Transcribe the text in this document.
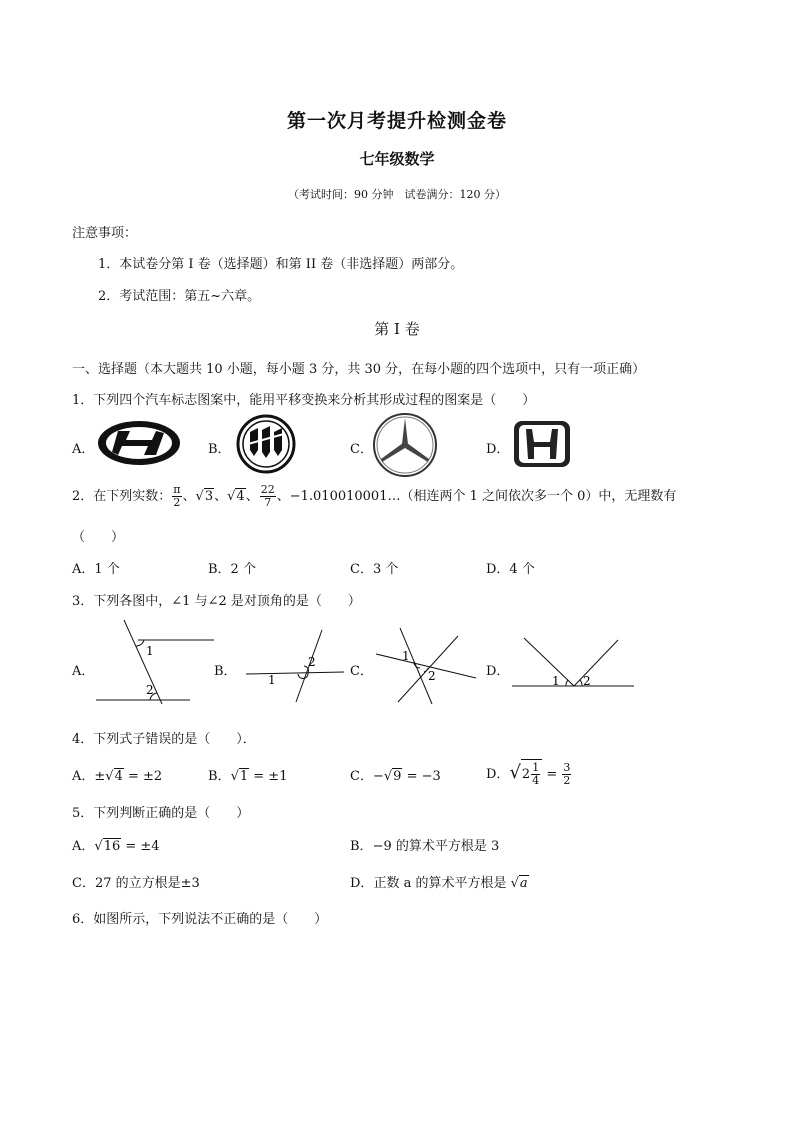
第一次月考提升检测金卷
七年级数学
（考试时间：90 分钟　试卷满分：120 分）
注意事项：
1．本试卷分第 I 卷（选择题）和第 II 卷（非选择题）两部分。
2．考试范围：第五~六章。
第 I 卷
一、选择题（本大题共 10 小题，每小题 3 分，共 30 分，在每小题的四个选项中，只有一项正确）
1．下列四个汽车标志图案中，能用平移变换来分析其形成过程的图案是（　　）
A．	B．	C．	D．
2．在下列实数： $\frac{\pi}{2}$ 、√3、√4、 $\frac{22}{7}$ 、−1.010010001…（相连两个 1 之间依次多一个 0）中，无理数有
（　　）
A．1 个	B．2 个	C．3 个	D．4 个
3．下列各图中，∠1 与∠2 是对顶角的是（　　）
A．
1
2
B．
1
2
C．
1
2	D．
1 2
4．下列式子错误的是（　　）．
A．±√4 = ±2	B．√1 = ±1	C．−√9 = −3	D．$√2 \frac{1}{4} = \frac{3}{2}$
5．下列判断正确的是（　　）
A．√16 = ±4	B．−9 的算术平方根是 3
C．27 的立方根是±3	D．正数 a 的算术平方根是 √a
6．如图所示，下列说法不正确的是（　　）
